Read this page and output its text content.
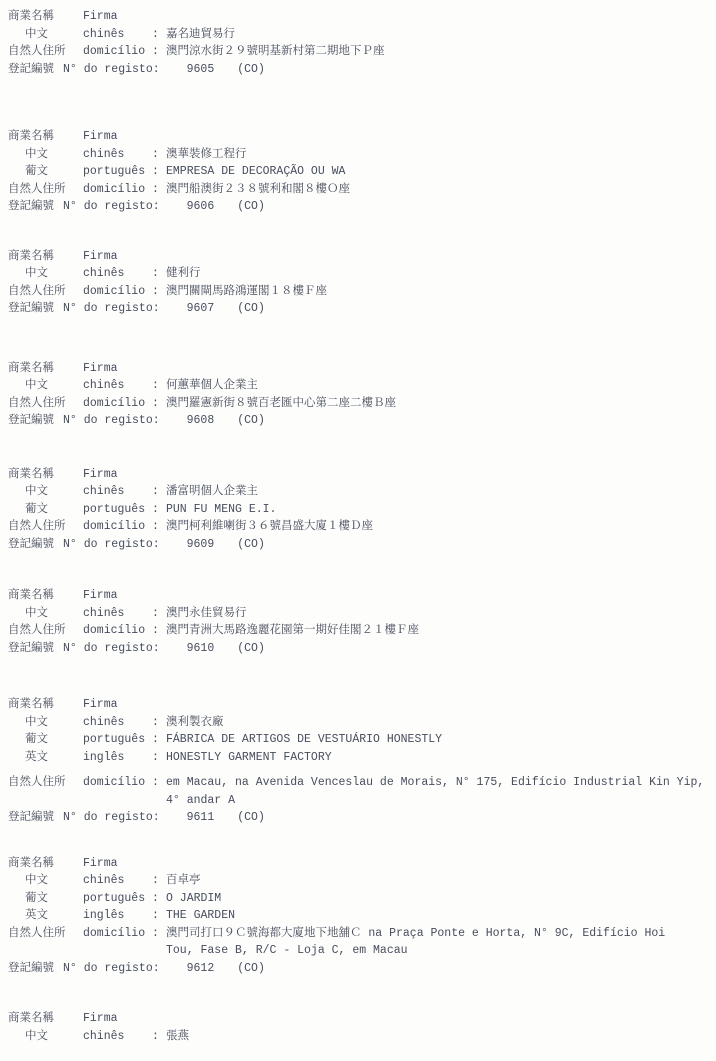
商業名稱	Firma
中文	chinês	: 嘉名迪貿易行
自然人住所	domicílio : 澳門涼水街２９號明基新村第二期地下Ｐ座
登記編號 N° do registo: 9605 (CO)
商業名稱	Firma
中文	chinês	: 澳華裝修工程行
葡文	português : EMPRESA DE DECORAÇÃO OU WA
自然人住所	domicílio : 澳門船澳街２３８號利和閣８樓Ｏ座
登記編號 N° do registo: 9606 (CO)
商業名稱	Firma
中文	chinês	: 健利行
自然人住所	domicílio : 澳門關閘馬路鴻運閣１８樓Ｆ座
登記編號 N° do registo: 9607 (CO)
商業名稱	Firma
中文	chinês	: 何蕙華個人企業主
自然人住所	domicílio : 澳門羅憲新街８號百老匯中心第二座二樓Ｂ座
登記編號 N° do registo: 9608 (CO)
商業名稱	Firma
中文	chinês	: 潘富明個人企業主
葡文	português : PUN FU MENG E.I.
自然人住所	domicílio : 澳門柯利維喇街３６號昌盛大廈１樓Ｄ座
登記編號 N° do registo: 9609 (CO)
商業名稱	Firma
中文	chinês	: 澳門永佳貿易行
自然人住所	domicílio : 澳門青洲大馬路逸麗花園第一期好佳閣２１樓Ｆ座
登記編號 N° do registo: 9610 (CO)
商業名稱	Firma
中文	chinês	: 澳利製衣廠
葡文	português : FÁBRICA DE ARTIGOS DE VESTUÁRIO HONESTLY
英文	inglês	: HONESTLY GARMENT FACTORY
自然人住所	domicílio : em Macau, na Avenida Venceslau de Morais, N° 175, Edifício Industrial Kin Yip,
4° andar A
登記編號 N° do registo: 9611 (CO)
商業名稱	Firma
中文	chinês	: 百卓亭
葡文	português : O JARDIM
英文	inglês	: THE GARDEN
自然人住所	domicílio : 澳門司打口９Ｃ號海都大廈地下地舖Ｃ na Praça Ponte e Horta, N° 9C, Edifício Hoi
Tou, Fase B, R/C - Loja C, em Macau
登記編號 N° do registo: 9612 (CO)
商業名稱	Firma
中文	chinês	: 張燕
